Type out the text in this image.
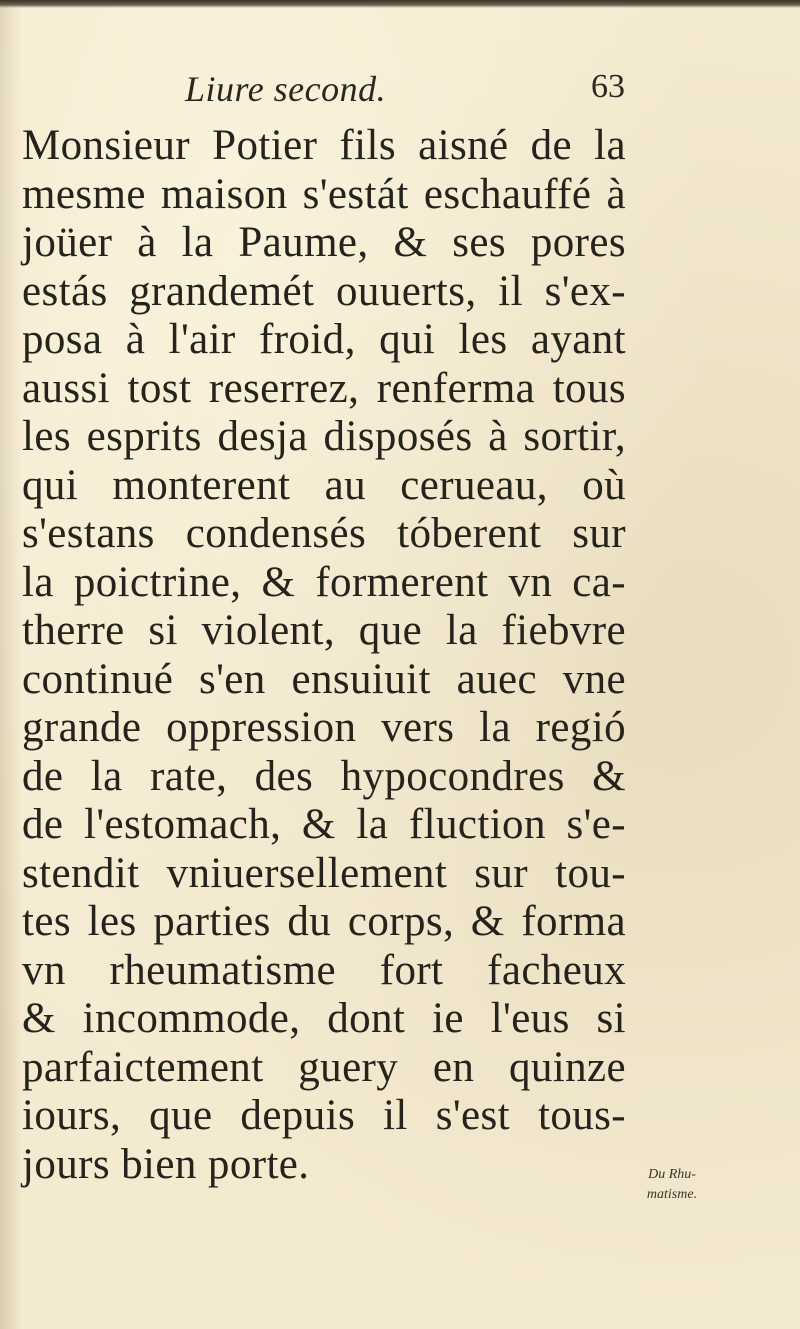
Liure second.	63
Monsieur Potier fils aisné de la
mesme maison s'estát eschauffé à
joüer à la Paume, & ses pores
estás grandemét ouuerts, il s'ex-
posa à l'air froid, qui les ayant
aussi tost reserrez, renferma tous
les esprits desja disposés à sortir,
qui monterent au cerueau, où
s'estans condensés tóberent sur
la poictrine, & formerent vn ca-
therre si violent, que la fiebvre
continué s'en ensuiuit auec vne
grande oppression vers la regió
de la rate, des hypocondres &
de l'estomach, & la fluction s'e-
stendit vniuersellement sur tou-
tes les parties du corps, & forma
vn rheumatisme fort facheux
& incommode, dont ie l'eus si
parfaictement guery en quinze
iours, que depuis il s'est tous-
jours bien porte.	Du Rhu-
matisme.
